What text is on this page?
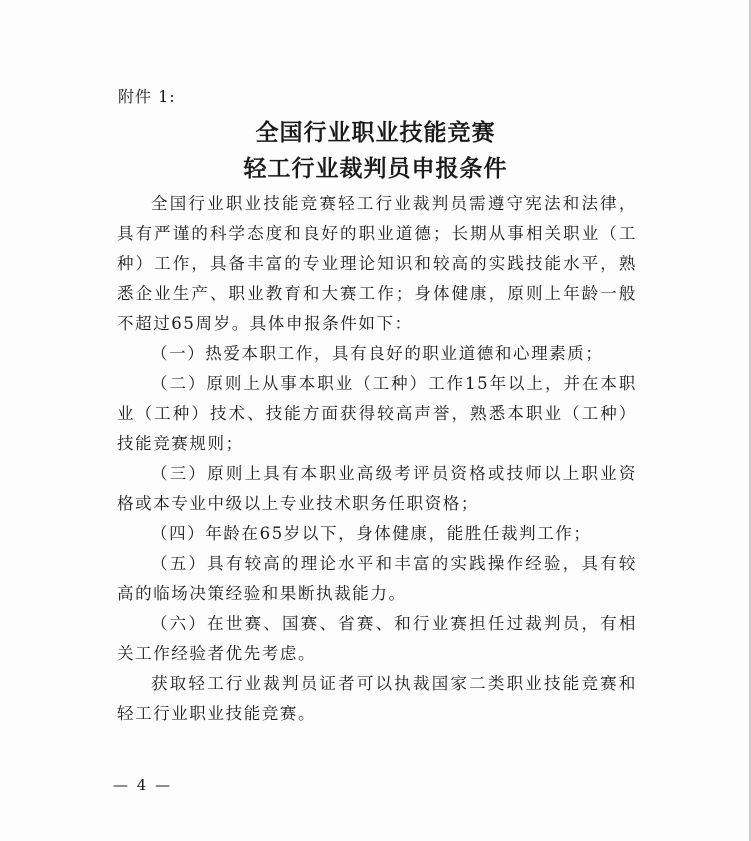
附件 1:
全国行业职业技能竞赛
轻工行业裁判员申报条件

全国行业职业技能竞赛轻工行业裁判员需遵守宪法和法律，具有严谨的科学态度和良好的职业道德；长期从事相关职业（工种）工作，具备丰富的专业理论知识和较高的实践技能水平，熟悉企业生产、职业教育和大赛工作；身体健康，原则上年龄一般不超过65周岁。具体申报条件如下：

（一）热爱本职工作，具有良好的职业道德和心理素质；

（二）原则上从事本职业（工种）工作15年以上，并在本职业（工种）技术、技能方面获得较高声誉，熟悉本职业（工种）技能竞赛规则；

（三）原则上具有本职业高级考评员资格或技师以上职业资格或本专业中级以上专业技术职务任职资格；

（四）年龄在65岁以下，身体健康，能胜任裁判工作；

（五）具有较高的理论水平和丰富的实践操作经验，具有较高的临场决策经验和果断执裁能力。

（六）在世赛、国赛、省赛、和行业赛担任过裁判员，有相关工作经验者优先考虑。

获取轻工行业裁判员证者可以执裁国家二类职业技能竞赛和轻工行业职业技能竞赛。

— 4 —
